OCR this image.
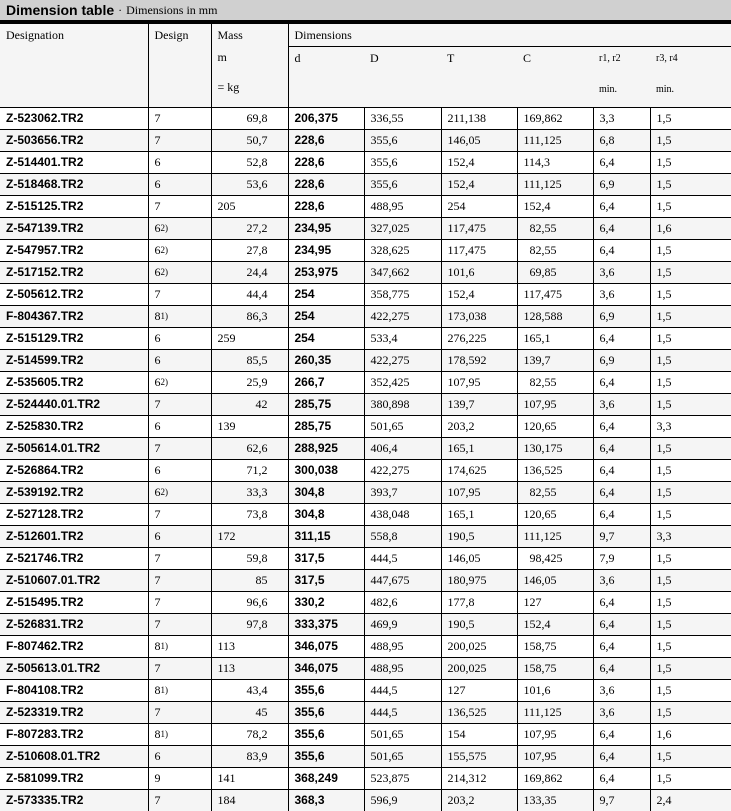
Dimension table · Dimensions in mm
Designation	Design	Mass
m
= kg	Dimensions					
			d	D	T	C	r1, r2	r3, r4
							min.	min.
Z-523062.TR2	7	69,8	206,375	336,55	211,138	169,862	3,3	1,5
Z-503656.TR2	7	50,7	228,6	355,6	146,05	111,125	6,8	1,5
Z-514401.TR2	6	52,8	228,6	355,6	152,4	114,3	6,4	1,5
Z-518468.TR2	6	53,6	228,6	355,6	152,4	111,125	6,9	1,5
Z-515125.TR2	7	205	228,6	488,95	254	152,4	6,4	1,5
Z-547139.TR2	6$^{2)}$	27,2	234,95	327,025	117,475	82,55	6,4	1,6
Z-547957.TR2	6$^{2)}$	27,8	234,95	328,625	117,475	82,55	6,4	1,5
Z-517152.TR2	6$^{2)}$	24,4	253,975	347,662	101,6	69,85	3,6	1,5
Z-505612.TR2	7	44,4	254	358,775	152,4	117,475	3,6	1,5
F-804367.TR2	8$^{1)}$	86,3	254	422,275	173,038	128,588	6,9	1,5
Z-515129.TR2	6	259	254	533,4	276,225	165,1	6,4	1,5
Z-514599.TR2	6	85,5	260,35	422,275	178,592	139,7	6,9	1,5
Z-535605.TR2	6$^{2)}$	25,9	266,7	352,425	107,95	82,55	6,4	1,5
Z-524440.01.TR2	7	42	285,75	380,898	139,7	107,95	3,6	1,5
Z-525830.TR2	6	139	285,75	501,65	203,2	120,65	6,4	3,3
Z-505614.01.TR2	7	62,6	288,925	406,4	165,1	130,175	6,4	1,5
Z-526864.TR2	6	71,2	300,038	422,275	174,625	136,525	6,4	1,5
Z-539192.TR2	6$^{2)}$	33,3	304,8	393,7	107,95	82,55	6,4	1,5
Z-527128.TR2	7	73,8	304,8	438,048	165,1	120,65	6,4	1,5
Z-512601.TR2	6	172	311,15	558,8	190,5	111,125	9,7	3,3
Z-521746.TR2	7	59,8	317,5	444,5	146,05	98,425	7,9	1,5
Z-510607.01.TR2	7	85	317,5	447,675	180,975	146,05	3,6	1,5
Z-515495.TR2	7	96,6	330,2	482,6	177,8	127	6,4	1,5
Z-526831.TR2	7	97,8	333,375	469,9	190,5	152,4	6,4	1,5
F-807462.TR2	8$^{1)}$	113	346,075	488,95	200,025	158,75	6,4	1,5
Z-505613.01.TR2	7	113	346,075	488,95	200,025	158,75	6,4	1,5
F-804108.TR2	8$^{1)}$	43,4	355,6	444,5	127	101,6	3,6	1,5
Z-523319.TR2	7	45	355,6	444,5	136,525	111,125	3,6	1,5
F-807283.TR2	8$^{1)}$	78,2	355,6	501,65	154	107,95	6,4	1,6
Z-510608.01.TR2	6	83,9	355,6	501,65	155,575	107,95	6,4	1,5
Z-581099.TR2	9	141	368,249	523,875	214,312	169,862	6,4	1,5
Z-573335.TR2	7	184	368,3	596,9	203,2	133,35	9,7	2,4
